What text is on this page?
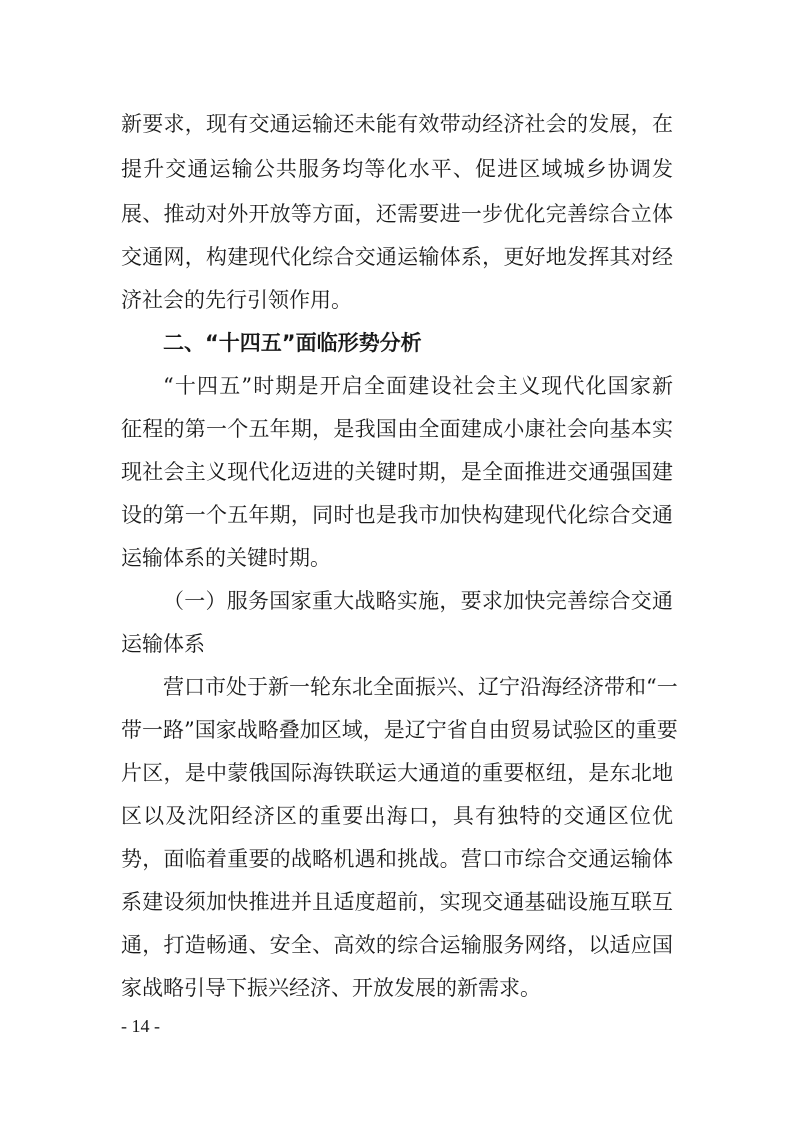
新要求，现有交通运输还未能有效带动经济社会的发展，在
提升交通运输公共服务均等化水平、促进区域城乡协调发
展、推动对外开放等方面，还需要进一步优化完善综合立体
交通网，构建现代化综合交通运输体系，更好地发挥其对经
济社会的先行引领作用。
二、“十四五”面临形势分析
“十四五”时期是开启全面建设社会主义现代化国家新
征程的第一个五年期，是我国由全面建成小康社会向基本实
现社会主义现代化迈进的关键时期，是全面推进交通强国建
设的第一个五年期，同时也是我市加快构建现代化综合交通
运输体系的关键时期。
（一）服务国家重大战略实施，要求加快完善综合交通
运输体系
营口市处于新一轮东北全面振兴、辽宁沿海经济带和“一
带一路”国家战略叠加区域，是辽宁省自由贸易试验区的重要
片区，是中蒙俄国际海铁联运大通道的重要枢纽，是东北地
区以及沈阳经济区的重要出海口，具有独特的交通区位优
势，面临着重要的战略机遇和挑战。营口市综合交通运输体
系建设须加快推进并且适度超前，实现交通基础设施互联互
通，打造畅通、安全、高效的综合运输服务网络，以适应国
家战略引导下振兴经济、开放发展的新需求。
- 14 -
